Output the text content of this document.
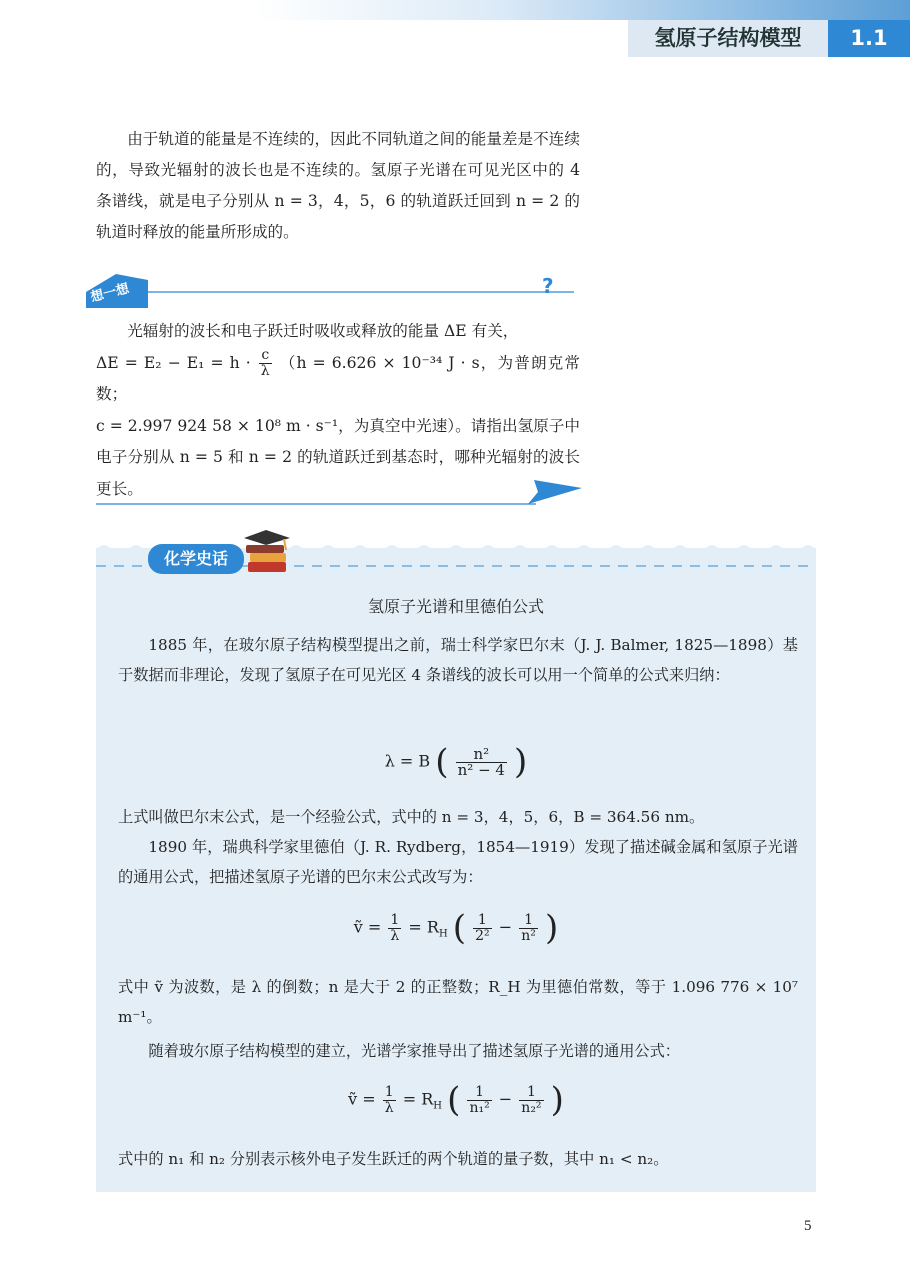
氢原子结构模型	1.1

由于轨道的能量是不连续的，因此不同轨道之间的能量差是不连续的，导致光辐射的波长也是不连续的。氢原子光谱在可见光区中的 4 条谱线，就是电子分别从 n = 3，4，5，6 的轨道跃迁回到 n = 2 的轨道时释放的能量所形成的。

想一想	?

光辐射的波长和电子跃迁时吸收或释放的能量 ΔE 有关，

$\Delta E = E_2 - E_1 = h \cdot \frac{c}{\lambda} (h = 6.626 \times 10^{-34}$ J · s，为普朗克常数；

c = 2.997 924 58 × 10⁸ m · s⁻¹，为真空中光速）。请指出氢原子中电子分别从 n = 5 和 n = 2 的轨道跃迁到基态时，哪种光辐射的波长更长。

化学史话
氢原子光谱和里德伯公式

1885 年，在玻尔原子结构模型提出之前，瑞士科学家巴尔末（J. J. Balmer, 1825—1898）基于数据而非理论，发现了氢原子在可见光区 4 条谱线的波长可以用一个简单的公式来归纳：

λ = B ( $\frac{\text{n²}}{\text{n² − 4}}$ )

上式叫做巴尔末公式，是一个经验公式，式中的 n = 3，4，5，6，B = 364.56 nm。

1890 年，瑞典科学家里德伯（J. R. Rydberg，1854—1919）发现了描述碱金属和氢原子光谱的通用公式，把描述氢原子光谱的巴尔末公式改写为：

ṽ = $\frac{1}{\lambda} = R_H$ ( $\frac{1}{\text{2²}} - \frac{1}{\text{n²}}$ )

式中 ṽ 为波数，是 λ 的倒数；n 是大于 2 的正整数；R_H 为里德伯常数，等于 1.096 776 × 10⁷ m⁻¹。

随着玻尔原子结构模型的建立，光谱学家推导出了描述氢原子光谱的通用公式：

ṽ = $\frac{1}{\lambda} = R_H$ ( $\frac{1}{\text{n₁²}} - \frac{1}{\text{n₂²}}$ )

式中的 n₁ 和 n₂ 分别表示核外电子发生跃迁的两个轨道的量子数，其中 n₁ < n₂。

5
